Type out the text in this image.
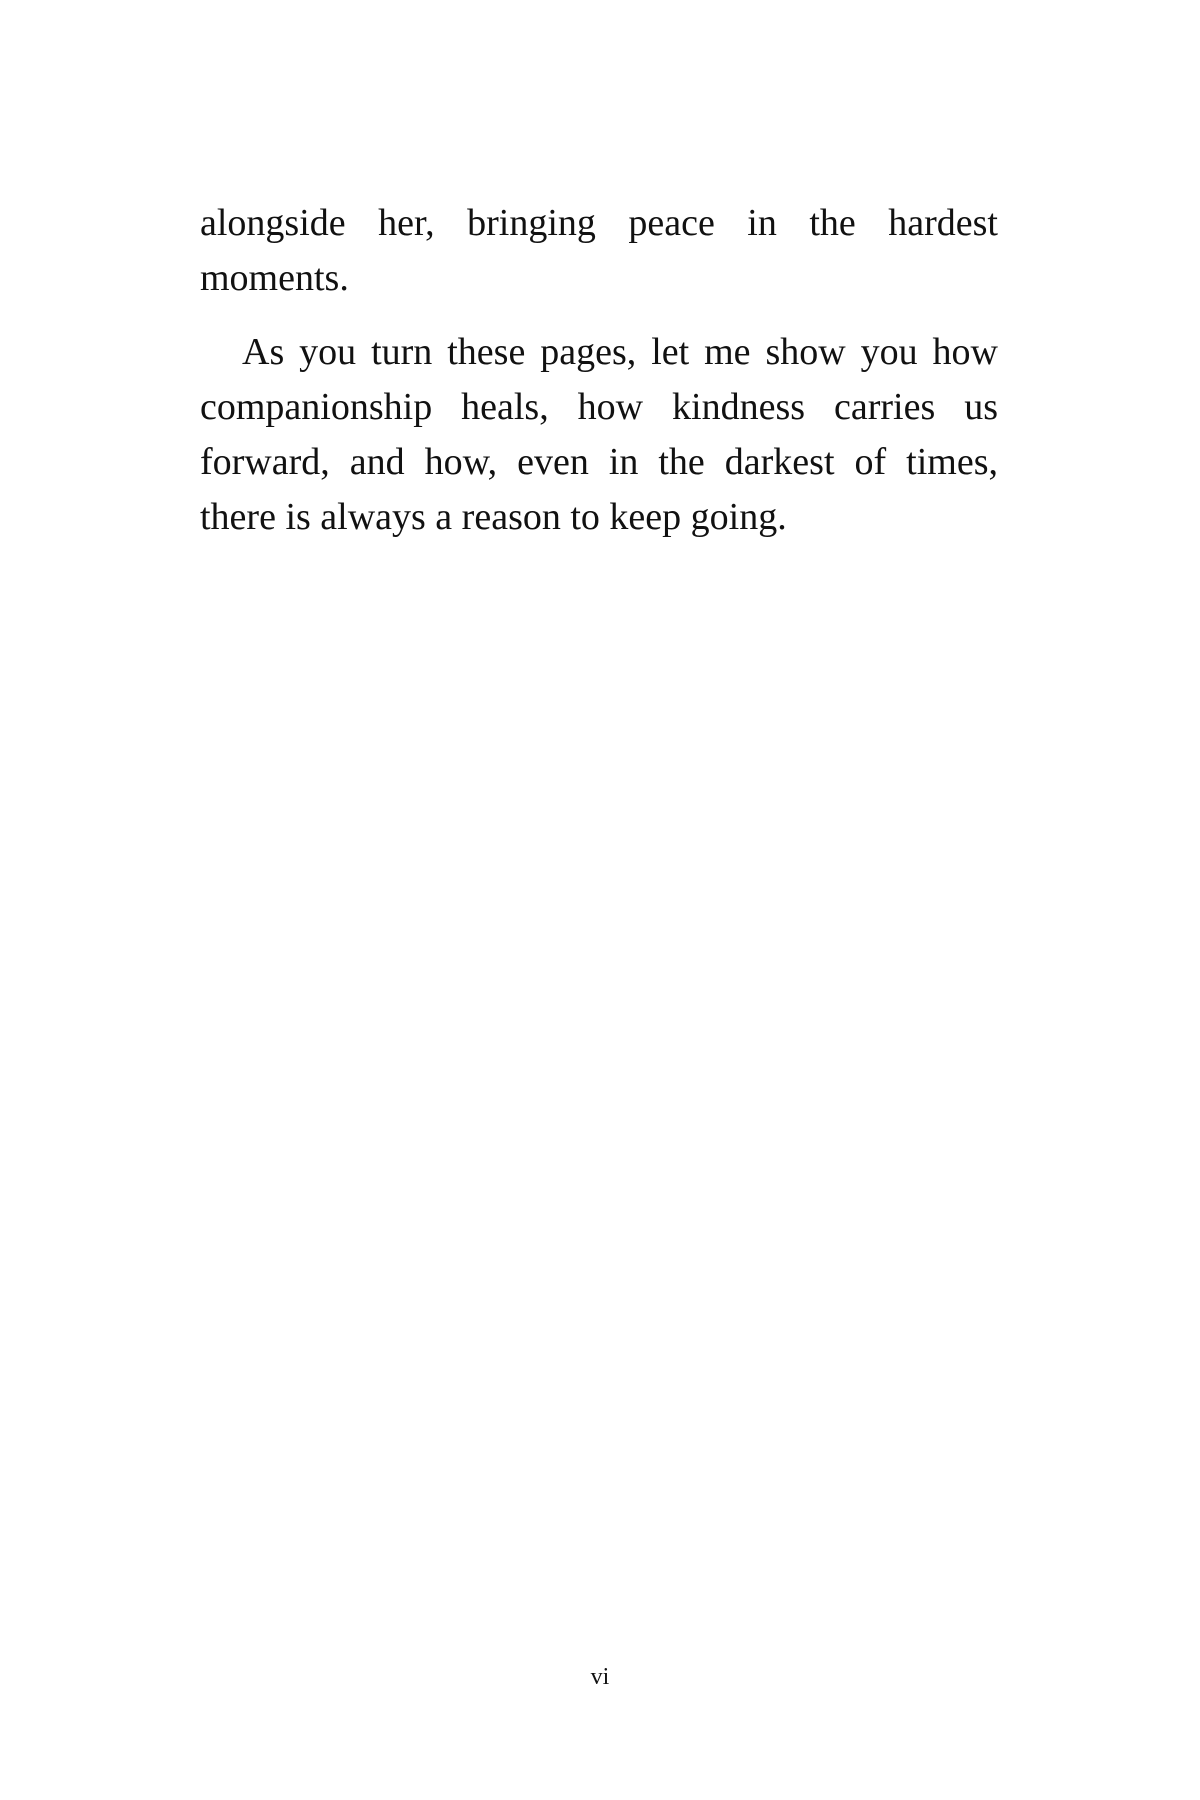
alongside her, bringing peace in the hardest moments.

As you turn these pages, let me show you how companionship heals, how kindness carries us forward, and how, even in the darkest of times, there is always a reason to keep going.

vi
